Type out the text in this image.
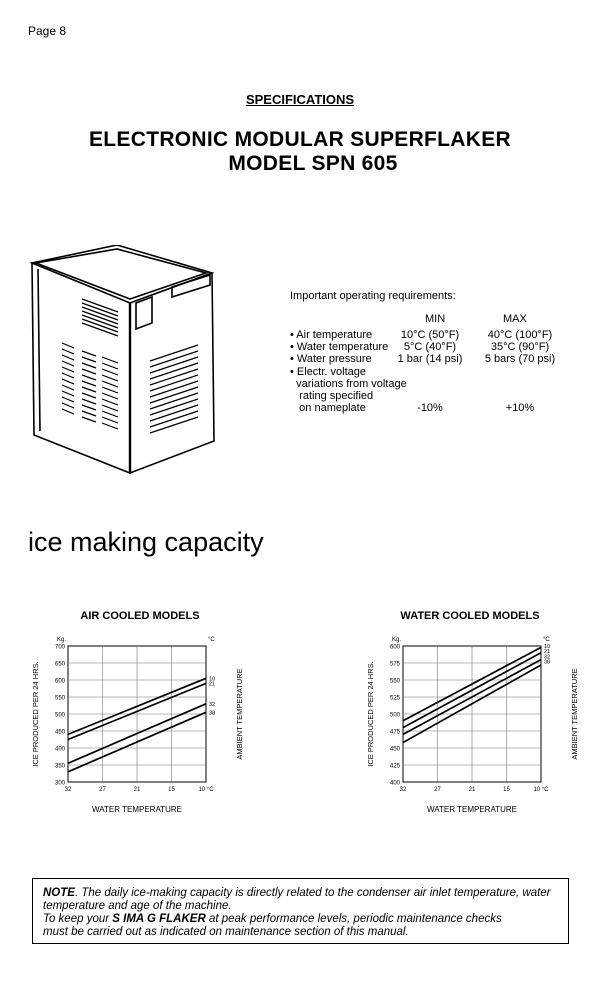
Page 8
SPECIFICATIONS
ELECTRONIC MODULAR SUPERFLAKER
MODEL SPN 605
Important operating requirements:
MIN	MAX
• Air temperature	10°C (50°F)	40°C (100°F)
• Water temperature	5°C (40°F)	35°C (90°F)
• Water pressure	1 bar (14 psi)	5 bars (70 psi)
• Electr. voltage
variations from voltage
rating specified
on nameplate	-10%	+10%
ice making capacity
AIR COOLED MODELS	WATER COOLED MODELS
300
350
400
450
500
550
600
650
700
32	27	21	15	10 °C
10
21
32
38
Kg.	°C
WATER TEMPERATURE
ICE PRODUCED PER 24 HRS.	AMBIENT TEMPERATURE
400
425
450
475
500
525
550
575
600
32	27	21	15	10 °C
10
21
32
38
Kg.	°C
WATER TEMPERATURE
ICE PRODUCED PER 24 HRS.	AMBIENT TEMPERATURE
NOTE. The daily ice-making capacity is directly related to the condenser air inlet temperature, water
temperature and age of the machine.
To keep your S IMA G FLAKER at peak performance levels, periodic maintenance checks
must be carried out as indicated on maintenance section of this manual.
